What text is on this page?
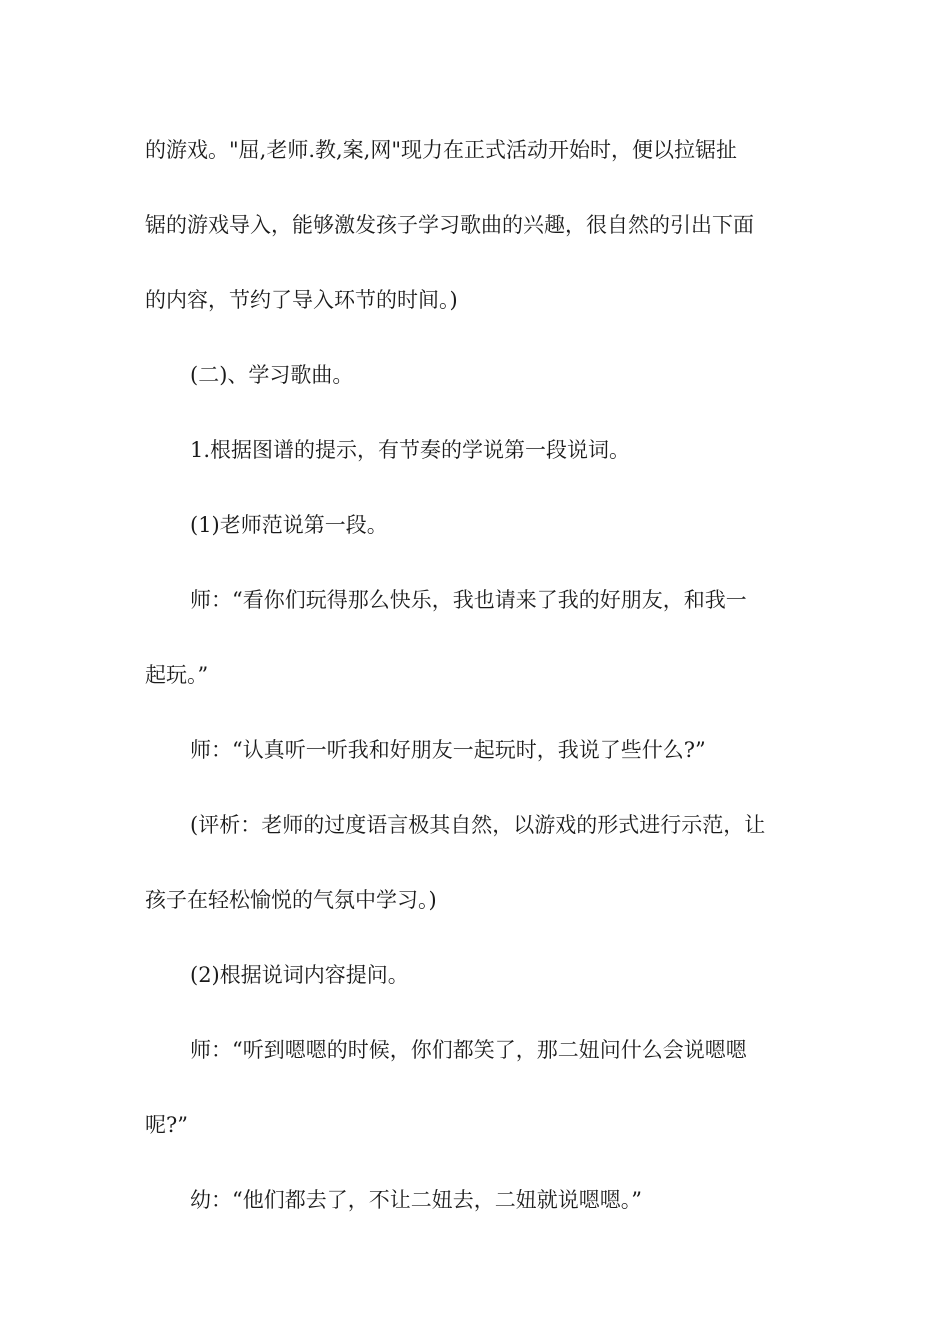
的游戏。"屈,老师.教,案,网"现力在正式活动开始时，便以拉锯扯
锯的游戏导入，能够激发孩子学习歌曲的兴趣，很自然的引出下面
的内容，节约了导入环节的时间。)
(二)、学习歌曲。
1.根据图谱的提示，有节奏的学说第一段说词。
(1)老师范说第一段。
师：“看你们玩得那么快乐，我也请来了我的好朋友，和我一
起玩。”
师：“认真听一听我和好朋友一起玩时，我说了些什么?”
(评析：老师的过度语言极其自然，以游戏的形式进行示范，让
孩子在轻松愉悦的气氛中学习。)
(2)根据说词内容提问。
师：“听到嗯嗯的时候，你们都笑了，那二妞问什么会说嗯嗯
呢?”
幼：“他们都去了，不让二妞去，二妞就说嗯嗯。”
